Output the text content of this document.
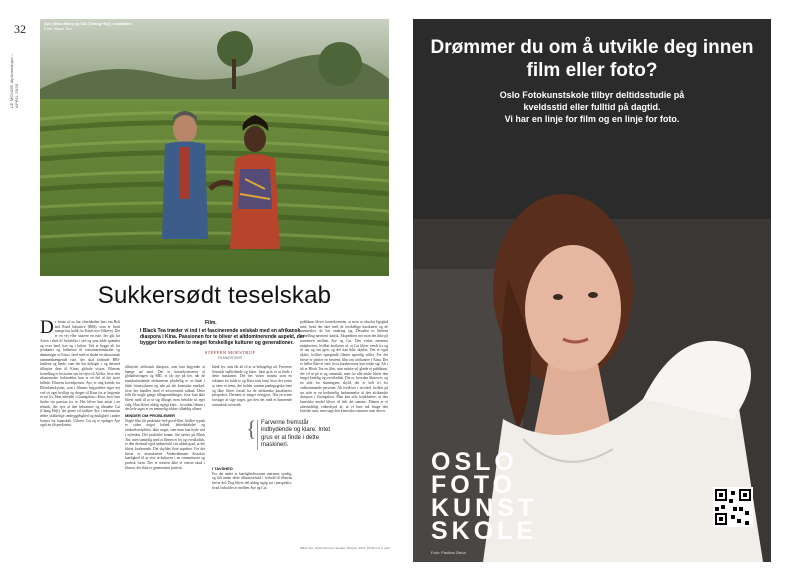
32
LE MONDE diplomatique – APRIL 2025
Aye (Nina Mbo) og Cai (Chang Hejl) i samtalen.
Foto: Black Tea
Sukkersødt teselskab
Film.
I Black Tea træder vi ind i et fascinerende selskab med en afrikansk diaspora i Kina. Passionen for te bliver et altdominerende aspekt, der bygger bro mellem to meget forskellige kulturer og generationer.
STEFFEN MOESTRUP
FILMKRITIKER
De første af os har efterhånden hørt om Belt and Road Initiative (BRI), som er hvad mange har kaldt for Kinas nye Silkevej. Det er en vej eller snarere en rute, der gik fra Asien i slutt til Sydafrika i syd og som både spænder og over land, hav og i luften. Ved at bygge alt fra jernbaner og lufthavne til containerterminaler og dæmninger er Kina i færd med at skabe en økonomisk sammenhængende rute, der skal forbinde BRI-landene og lande, som det har deltaget i, og dermed tilknytte dem til Kinas globale vision. Filmens fortælling er historien om en rejse til Afrika, hvor den økonomiske forbindelse kun er en del af det store billede. Filmens hovedperson, Aye, er ung kvinde fra Elfenbenskysten, som i filmens begyndelse siger nej ved sit eget bryllup og drager til Kina for at begynde et nyt liv. Hun arbejder i Guangzhou i Kina, hvor hun finder sin passion for te. Her bliver hun ansat i en tebutik, der ejes af den følsomme og fåmælte Cai (Chang Hejl), der gerne vil indføre Aye i teksunstens ældre skikkelige ombyggelighed og mulighed i andre former for kunnskab. Udover Cai og te opdager Aye også en tilsynekomst.
tilknyttet afrikansk diaspora, som hun begynder at hænge ud med. Det er konsekvenserne af globaliseringen og BRI, vi får øje på her, når de mandarintalende afrikanerne pludselig er at finde i både frisørsalonen og ude på det kinesiske marked, hvor der handles med et afrocentrisk udbud. Dette folk får nogle gange tilbagemeldinger, hvor hun ikke bliver nødt til at se sig tilbage, men beholde sit eget valg. Hun bliver aldrig rigtigt klart – hvordan filmen i det hele taget er en temmelig sikker tilfældig affære.
MINDER OM PROBLEMER
Nogle film får praktiske feel-good-film, hvilket typisk er siden noget lethed, lethedsfølelse og undseelsesfølelse, ikke noget, som man kan nyde ved i nyheden. Det praktiske kunne fint sættes på Black Tea, men samtidig med at filmen er let og overfladisk, er den derimod også sødmefuld i en sådan grad, at det bliver kvalmende. Det skyldes flere aspekter. For det første er instruktøren Abderrahmane Sissakos kærlighed til at vise te-kulturen i en romantiseret og poetisk form. Der er næsten ikke et eneste skud i filmen, der ikke er gennemført poetisk.
blødt lys, som får alt til at se behageligt ud. Farverne fremstår indbydende og klare. Intet grus er at finde i dette maskineri. Det her virker mindst som en reklame for både te og Kina som land, hvor det synes at være et tema, der holder samme pædagogiske tone og ikke bliver fortalt fra de afrikanske karakterers perspektiv. Dernæst er meget overgjort. Når en scene forsøger at sige noget, gør den det med et hamrende romantisk overtræk.
{ Farverne fremstår indbydende og klare. Intet grus er at finde i dette maskineri.
I TAVSHED
For det andet er kærlighedsscenen nærmest syndig, og lidt under dette tilhørsforhold i forhold til filmens første del. Dog bliver det aldrig rigtig sat i perspektiv, hvad forholdet er mellem Aye og Cai.
publikum bliver konsekvensen, at man er absolut ligeglad med, hvad der sker med de forskellige karakterer og de mennesker, de har omkring sig. Desuden er filmens fortælling nærmest statisk. Ekspediten tror man det ikke på romancen mellem Aye og Cai. Den virker nærmest malplaceret, hvilket karikeres af, at Cai bliver vendt fra og til om og om igen, og det kan ikke skjules. Det er også uklart, hvilket spørgsmål filmen egentlig stiller. For det første er plottet en bestemt film om afrikanere i Kina. Det er heller ikke et sted, hvor karaktererne kan rokke sig. Alt i alt er Black Tea en film, som måske vil glæde et publikum, der vil se på te og romantik, men for alle andre bliver den meget kedelig og overfladisk. Det er, hvordan filmen er, og en side for slutningens skyld, der er helt fri for vedkommende personer. Alt forbliver i tavshed, hvilket på sin side er en bedrøvelig bedømmelse af den afrikanske diaspora i Guangzhou. Man kan selv konkludere, at den kinesiske model bliver til helt det samme. Filmen er et ubestrideligt vidnesbyrd af, at vi bare må bruge den kritiske sans, men tage den kinesiske romance som den er.
Black Tea. Abderrahmane Sissako. Biograf, 2024. På Bio fra 9. april.
Drømmer du om å utvikle deg innen film eller foto?
Oslo Fotokunstskole tilbyr deltidsstudie på
kveldsstid eller fulltid på dagtid.
Vi har en linje for film og en linje for foto.
OSLO
FOTO
KUNST
SKOLE
Foto: Paulina Zieba
